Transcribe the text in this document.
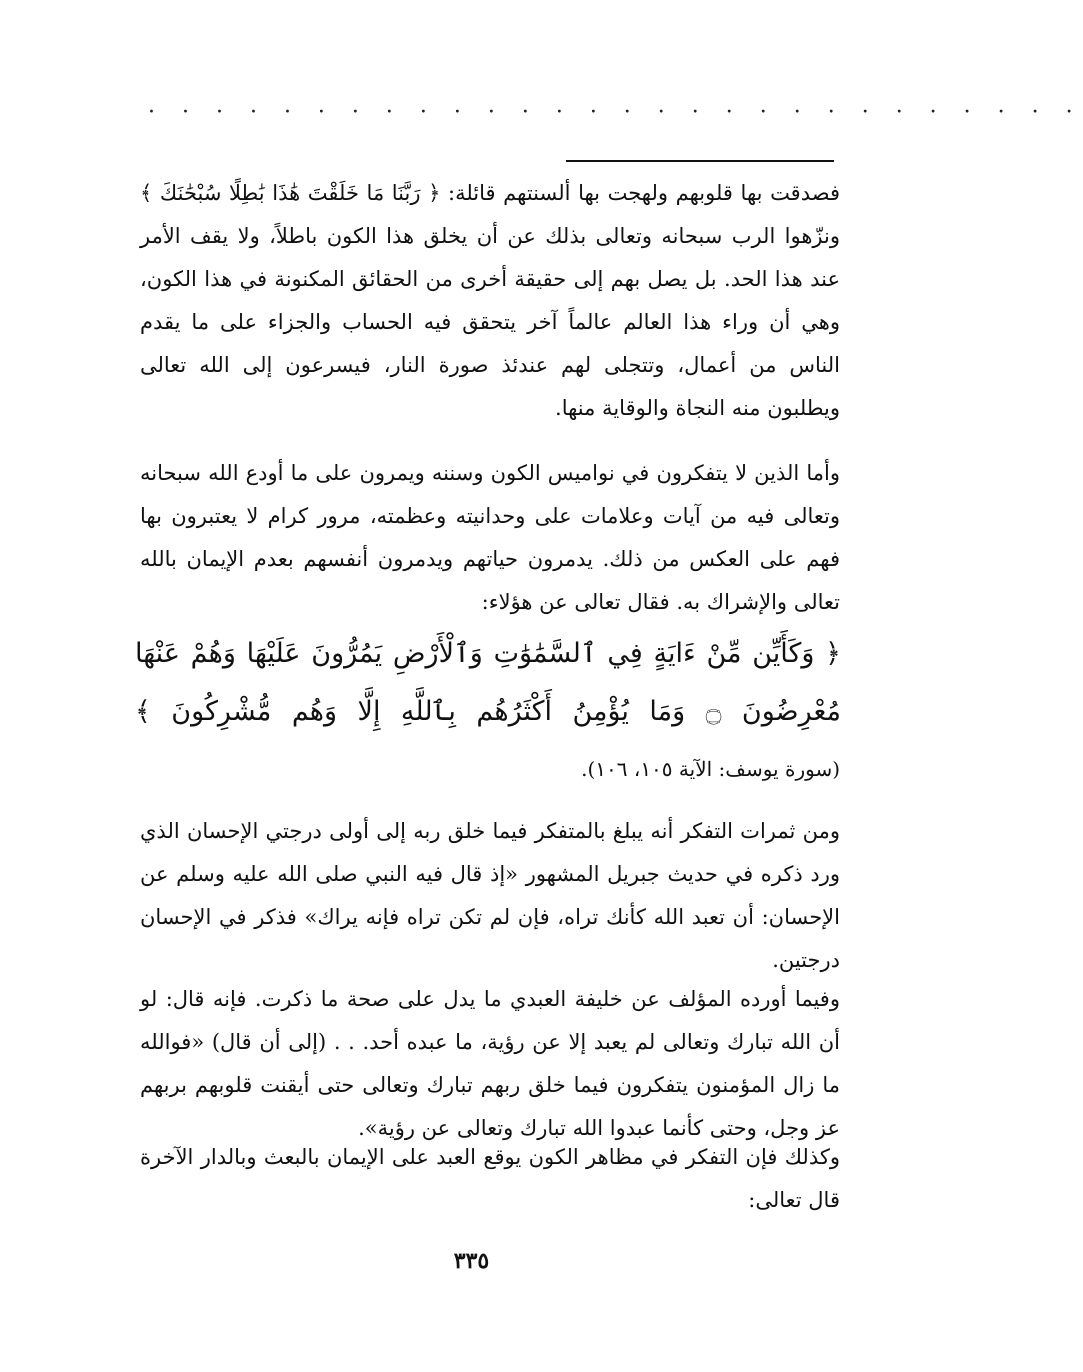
· · · · · · · · · · · · · · · · · · · · · · · · · · · ·

فصدقت بها قلوبهم ولهجت بها ألسنتهم قائلة: ﴿ رَبَّنَا مَا خَلَقْتَ هَٰذَا بَٰطِلًا سُبْحَٰنَكَ ﴾ ونزّهوا الرب سبحانه وتعالى بذلك عن أن يخلق هذا الكون باطلاً، ولا يقف الأمر عند هذا الحد. بل يصل بهم إلى حقيقة أخرى من الحقائق المكنونة في هذا الكون، وهي أن وراء هذا العالم عالماً آخر يتحقق فيه الحساب والجزاء على ما يقدم الناس من أعمال، وتتجلى لهم عندئذ صورة النار، فيسرعون إلى الله تعالى ويطلبون منه النجاة والوقاية منها.

وأما الذين لا يتفكرون في نواميس الكون وسننه ويمرون على ما أودع الله سبحانه وتعالى فيه من آيات وعلامات على وحدانيته وعظمته، مرور كرام لا يعتبرون بها فهم على العكس من ذلك. يدمرون حياتهم ويدمرون أنفسهم بعدم الإيمان بالله تعالى والإشراك به. فقال تعالى عن هؤلاء:

﴿ وَكَأَيِّن مِّنْ ءَايَةٍ فِي ٱلسَّمَٰوَٰتِ وَٱلْأَرْضِ يَمُرُّونَ عَلَيْهَا وَهُمْ عَنْهَا مُعْرِضُونَ ۝ وَمَا يُؤْمِنُ أَكْثَرُهُم بِٱللَّهِ إِلَّا وَهُم مُّشْرِكُونَ ﴾

(سورة يوسف: الآية ١٠٥، ١٠٦).

ومن ثمرات التفكر أنه يبلغ بالمتفكر فيما خلق ربه إلى أولى درجتي الإحسان الذي ورد ذكره في حديث جبريل المشهور «إذ قال فيه النبي صلى الله عليه وسلم عن الإحسان: أن تعبد الله كأنك تراه، فإن لم تكن تراه فإنه يراك» فذكر في الإحسان درجتين.

وفيما أورده المؤلف عن خليفة العبدي ما يدل على صحة ما ذكرت. فإنه قال: لو أن الله تبارك وتعالى لم يعبد إلا عن رؤية، ما عبده أحد. . . (إلى أن قال) «فوالله ما زال المؤمنون يتفكرون فيما خلق ربهم تبارك وتعالى حتى أيقنت قلوبهم بربهم عز وجل، وحتى كأنما عبدوا الله تبارك وتعالى عن رؤية».

وكذلك فإن التفكر في مظاهر الكون يوقع العبد على الإيمان بالبعث وبالدار الآخرة قال تعالى:

٣٣٥
